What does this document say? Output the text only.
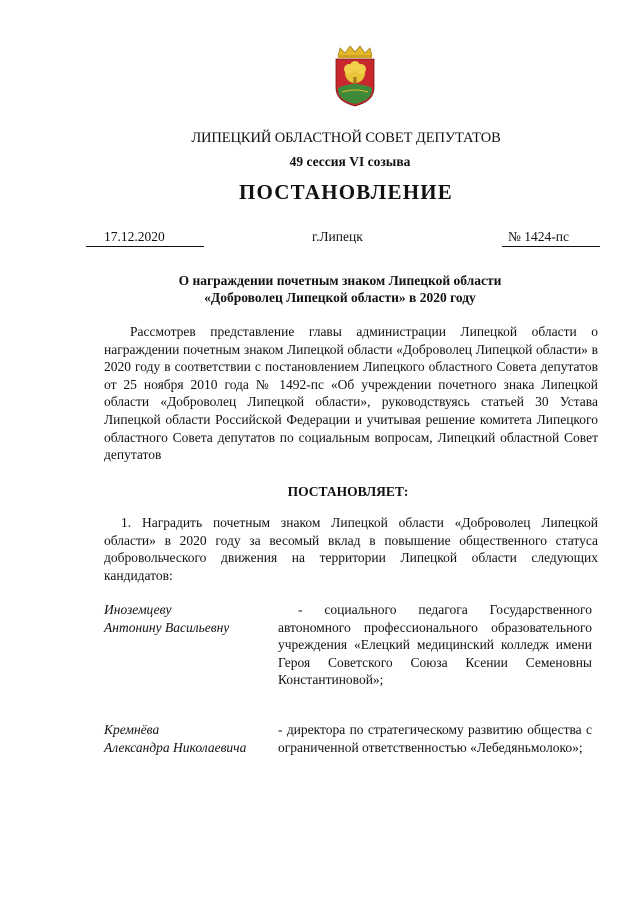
ЛИПЕЦКИЙ ОБЛАСТНОЙ СОВЕТ ДЕПУТАТОВ
49 сессия VI созыва
ПОСТАНОВЛЕНИЕ
17.12.2020	г.Липецк	№ 1424-пс
О награждении почетным знаком Липецкой области
«Доброволец Липецкой области» в 2020 году
Рассмотрев представление главы администрации Липецкой области о награждении почетным знаком Липецкой области «Доброволец Липецкой области» в 2020 году в соответствии с постановлением Липецкого областного Совета депутатов от 25 ноября 2010 года № 1492-пс «Об учреждении почетного знака Липецкой области «Доброволец Липецкой области», руководствуясь статьей 30 Устава Липецкой области Российской Федерации и учитывая решение комитета Липецкого областного Совета депутатов по социальным вопросам, Липецкий областной Совет депутатов
ПОСТАНОВЛЯЕТ:
1. Наградить почетным знаком Липецкой области «Доброволец Липецкой области» в 2020 году за весомый вклад в повышение общественного статуса добровольческого движения на территории Липецкой области следующих кандидатов:
Иноземцеву
Антонину Васильевну
- социального педагога Государственного автономного профессионального образовательного учреждения «Елецкий медицинский колледж имени Героя Советского Союза Ксении Семеновны Константиновой»;
Кремнёва
Александра Николаевича
- директора по стратегическому развитию общества с ограниченной ответственностью «Лебедяньмолоко»;
